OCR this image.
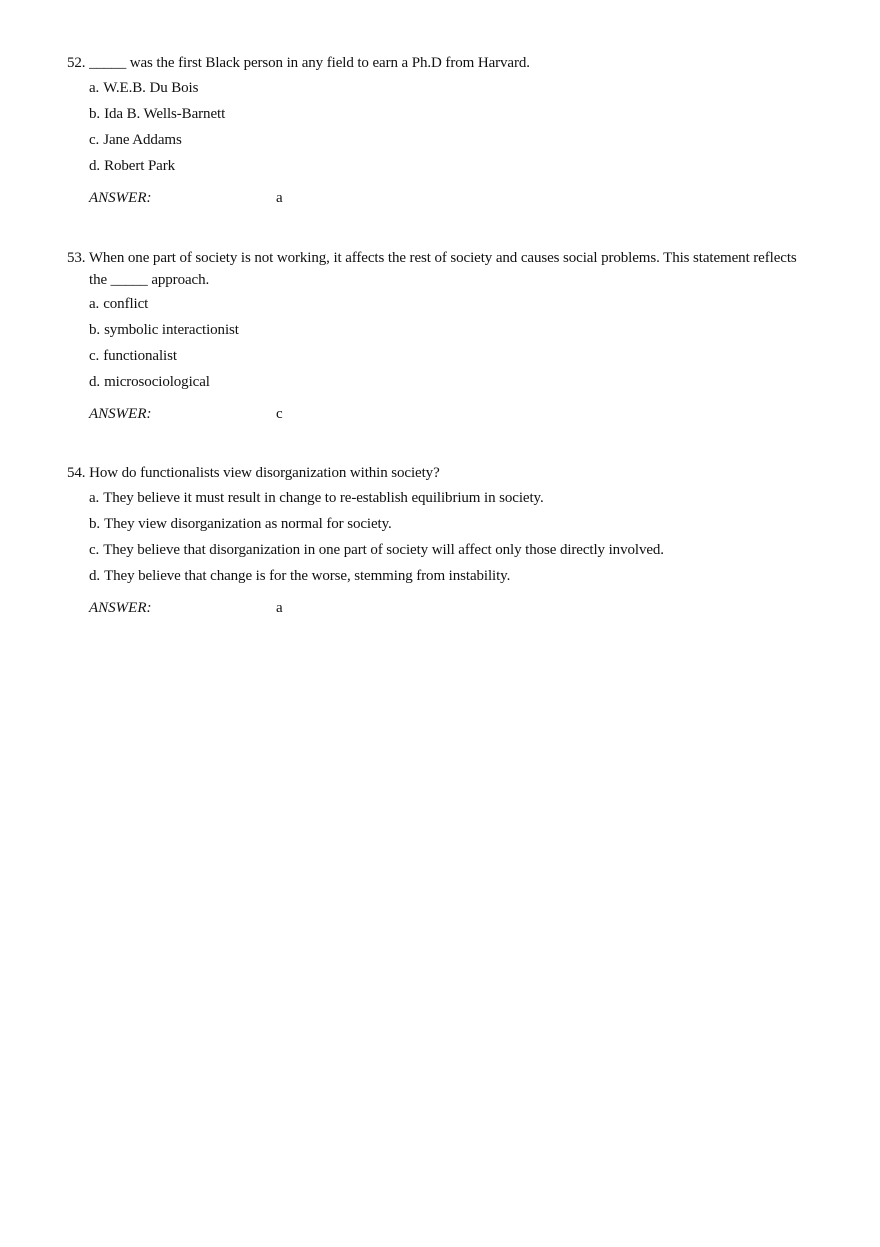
52. _____ was the first Black person in any field to earn a Ph.D from Harvard.
a. W.E.B. Du Bois
b. Ida B. Wells-Barnett
c. Jane Addams
d. Robert Park
ANSWER:	a
53. When one part of society is not working, it affects the rest of society and causes social problems. This statement reflects the _____ approach.
a. conflict
b. symbolic interactionist
c. functionalist
d. microsociological
ANSWER:	c
54. How do functionalists view disorganization within society?
a. They believe it must result in change to re-establish equilibrium in society.
b. They view disorganization as normal for society.
c. They believe that disorganization in one part of society will affect only those directly involved.
d. They believe that change is for the worse, stemming from instability.
ANSWER:	a
